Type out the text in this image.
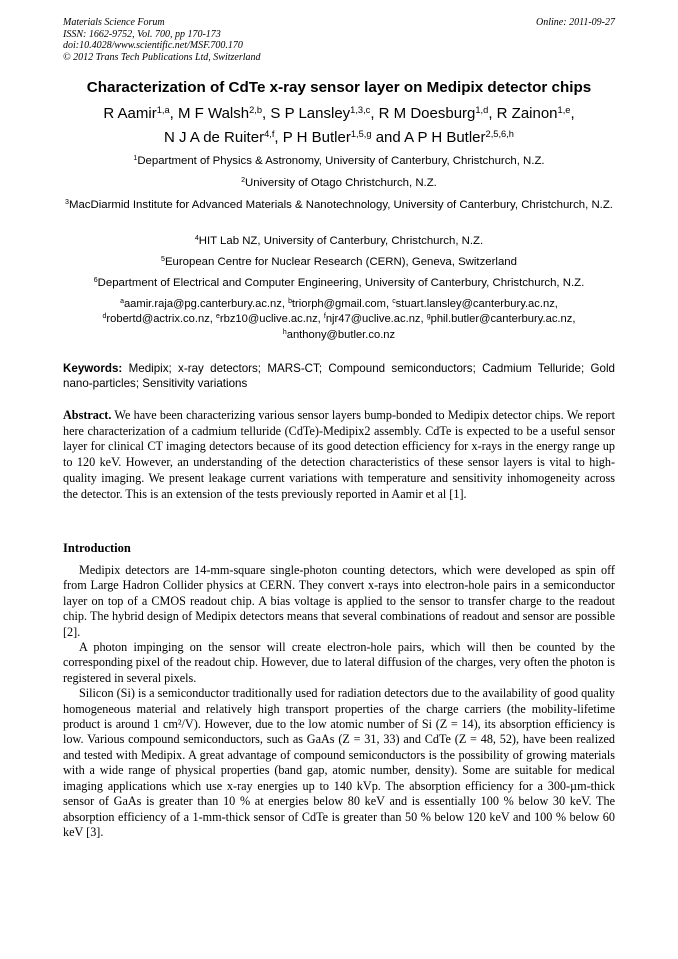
Materials Science Forum
ISSN: 1662-9752, Vol. 700, pp 170-173
doi:10.4028/www.scientific.net/MSF.700.170
© 2012 Trans Tech Publications Ltd, Switzerland
Online: 2011-09-27
Characterization of CdTe x-ray sensor layer on Medipix detector chips
R Aamir$^{1,a}$, M F Walsh$^{2,b}$, S P Lansley$^{1,3,c}$, R M Doesburg$^{1,d}$, R Zainon$^{1,e}$,
N J A de Ruiter$^{4,f}$, P H Butler$^{1,5,g}$ and A P H Butler$^{2,5,6,h}$
$^1$Department of Physics & Astronomy, University of Canterbury, Christchurch, N.Z.
$^2$University of Otago Christchurch, N.Z.
$^3$MacDiarmid Institute for Advanced Materials & Nanotechnology, University of Canterbury, Christchurch, N.Z.
$^4$HIT Lab NZ, University of Canterbury, Christchurch, N.Z.
$^5$European Centre for Nuclear Research (CERN), Geneva, Switzerland
$^6$Department of Electrical and Computer Engineering, University of Canterbury, Christchurch, N.Z.
$^a$aamir.raja@pg.canterbury.ac.nz, $^b$triorph@gmail.com, $^c$stuart.lansley@canterbury.ac.nz,
$^d$robertd@actrix.co.nz, $^e$rbz10@uclive.ac.nz, $^f$njr47@uclive.ac.nz, $^g$phil.butler@canterbury.ac.nz,
$^h$anthony@butler.co.nz
Keywords: Medipix; x-ray detectors; MARS-CT; Compound semiconductors; Cadmium Telluride; Gold nano-particles; Sensitivity variations
Abstract. We have been characterizing various sensor layers bump-bonded to Medipix detector chips. We report here characterization of a cadmium telluride (CdTe)-Medipix2 assembly. CdTe is expected to be a useful sensor layer for clinical CT imaging detectors because of its good detection efficiency for x-rays in the energy range up to 120 keV. However, an understanding of the detection characteristics of these sensor layers is vital to high-quality imaging. We present leakage current variations with temperature and sensitivity inhomogeneity across the detector. This is an extension of the tests previously reported in Aamir et al [1].
Introduction

Medipix detectors are 14-mm-square single-photon counting detectors, which were developed as spin off from Large Hadron Collider physics at CERN. They convert x-rays into electron-hole pairs in a semiconductor layer on top of a CMOS readout chip. A bias voltage is applied to the sensor to transfer charge to the readout chip. The hybrid design of Medipix detectors means that several combinations of readout and sensor are possible [2].

A photon impinging on the sensor will create electron-hole pairs, which will then be counted by the corresponding pixel of the readout chip. However, due to lateral diffusion of the charges, very often the photon is registered in several pixels.

Silicon (Si) is a semiconductor traditionally used for radiation detectors due to the availability of good quality homogeneous material and relatively high transport properties of the charge carriers (the mobility-lifetime product is around 1 cm²/V). However, due to the low atomic number of Si (Z = 14), its absorption efficiency is low. Various compound semiconductors, such as GaAs (Z = 31, 33) and CdTe (Z = 48, 52), have been realized and tested with Medipix. A great advantage of compound semiconductors is the possibility of growing materials with a wide range of physical properties (band gap, atomic number, density). Some are suitable for medical imaging applications which use x-ray energies up to 140 kVp. The absorption efficiency for a 300-µm-thick sensor of GaAs is greater than 10 % at energies below 80 keV and is essentially 100 % below 30 keV. The absorption efficiency of a 1-mm-thick sensor of CdTe is greater than 50 % below 120 keV and 100 % below 60 keV [3].
